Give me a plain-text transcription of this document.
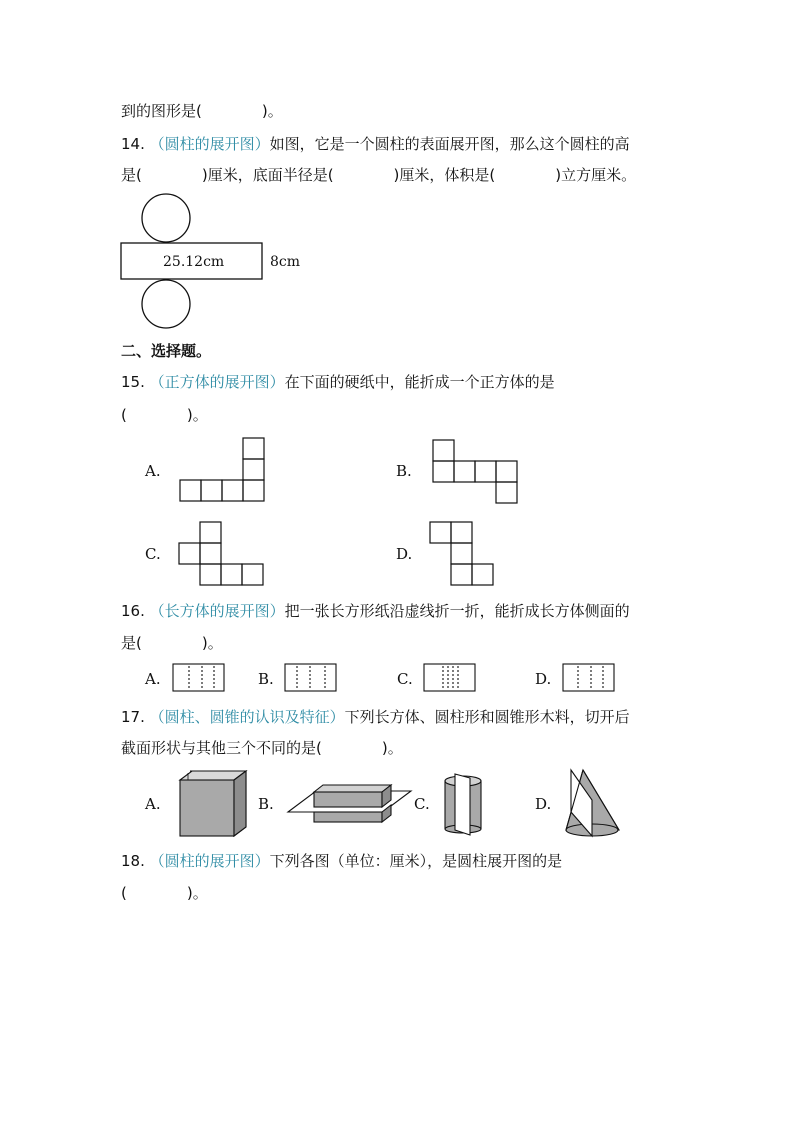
到的图形是(　　　　)。
14. （圆柱的展开图）如图，它是一个圆柱的表面展开图，那么这个圆柱的高
是(　　　　)厘米，底面半径是(　　　　)厘米，体积是(　　　　)立方厘米。
25.12cm	8cm
二、选择题。
15. （正方体的展开图）在下面的硬纸中，能折成一个正方体的是
(　　　　)。
A.	B.
C.	D.
16. （长方体的展开图）把一张长方形纸沿虚线折一折，能折成长方体侧面的
是(　　　　)。
A.	B.	C.	D.
17. （圆柱、圆锥的认识及特征）下列长方体、圆柱形和圆锥形木料，切开后
截面形状与其他三个不同的是(　　　　)。
A.	B.	C.	D.
18. （圆柱的展开图）下列各图（单位：厘米），是圆柱展开图的是
(　　　　)。
